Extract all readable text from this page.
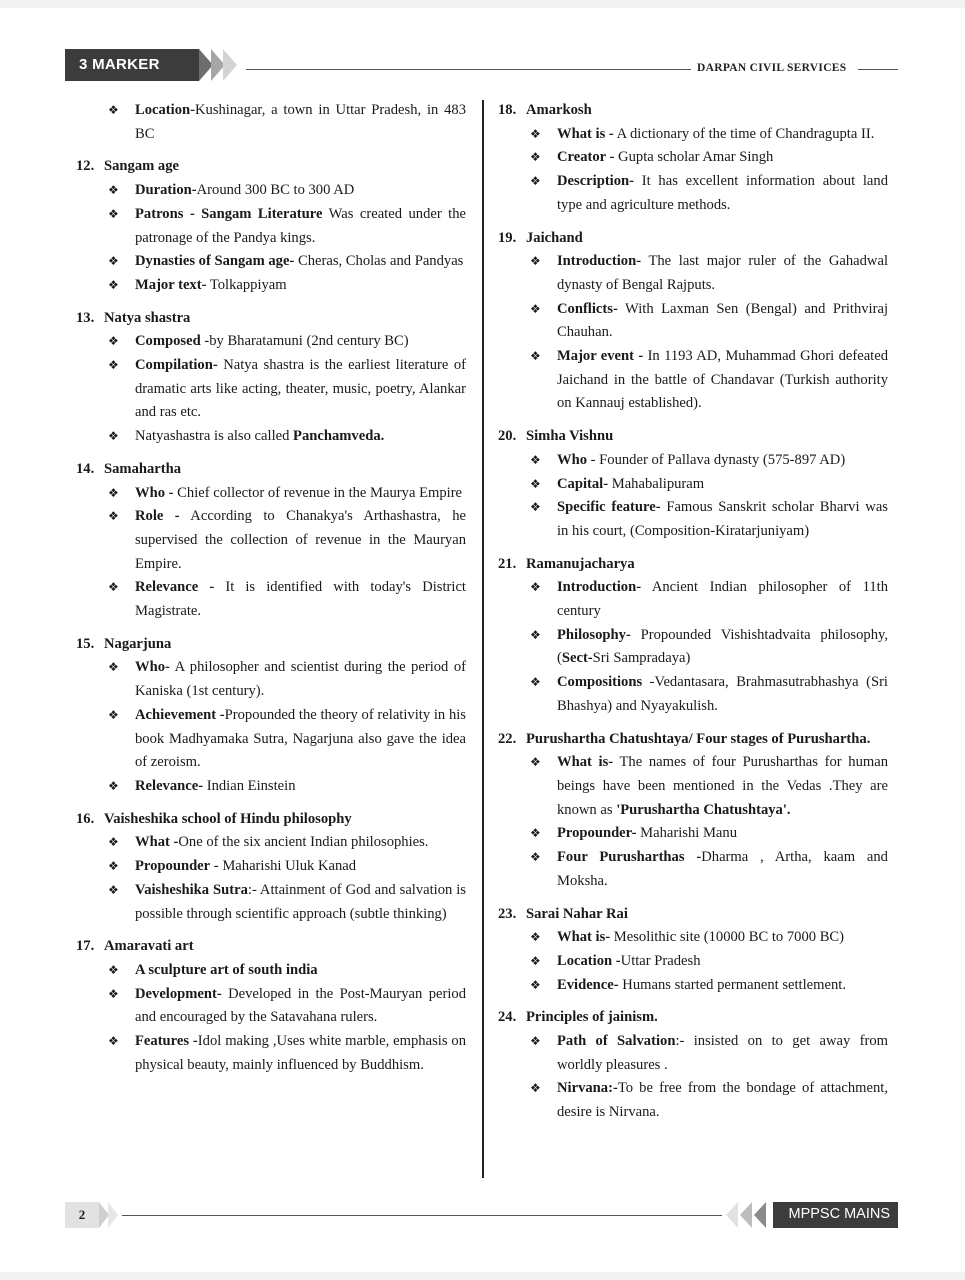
3 MARKER	DARPAN CIVIL SERVICES
❖ Location-Kushinagar, a town in Uttar Pradesh, in 483 BC
12. Sangam age
❖ Duration-Around 300 BC to 300 AD
❖ Patrons - Sangam Literature Was created under the patronage of the Pandya kings.
❖ Dynasties of Sangam age- Cheras, Cholas and Pandyas
❖ Major text- Tolkappiyam
13. Natya shastra
❖ Composed -by Bharatamuni (2nd century BC)
❖ Compilation- Natya shastra is the earliest literature of dramatic arts like acting, theater, music, poetry, Alankar and ras etc.
❖ Natyashastra is also called Panchamveda.
14. Samahartha
❖ Who - Chief collector of revenue in the Maurya Empire
❖ Role - According to Chanakya's Arthashastra, he supervised the collection of revenue in the Mauryan Empire.
❖ Relevance - It is identified with today's District Magistrate.
15. Nagarjuna
❖ Who- A philosopher and scientist during the period of Kaniska (1st century).
❖ Achievement -Propounded the theory of relativity in his book Madhyamaka Sutra, Nagarjuna also gave the idea of zeroism.
❖ Relevance- Indian Einstein
16. Vaisheshika school of Hindu philosophy
❖ What -One of the six ancient Indian philosophies.
❖ Propounder - Maharishi Uluk Kanad
❖ Vaisheshika Sutra:- Attainment of God and salvation is possible through scientific approach (subtle thinking)
17. Amaravati art
❖ A sculpture art of south india
❖ Development- Developed in the Post-Mauryan period and encouraged by the Satavahana rulers.
❖ Features -Idol making ,Uses white marble, emphasis on physical beauty, mainly influenced by Buddhism.
18. Amarkosh
❖ What is - A dictionary of the time of Chandragupta II.
❖ Creator - Gupta scholar Amar Singh
❖ Description- It has excellent information about land type and agriculture methods.
19. Jaichand
❖ Introduction- The last major ruler of the Gahadwal dynasty of Bengal Rajputs.
❖ Conflicts- With Laxman Sen (Bengal) and Prithviraj Chauhan.
❖ Major event - In 1193 AD, Muhammad Ghori defeated Jaichand in the battle of Chandavar (Turkish authority on Kannauj established).
20. Simha Vishnu
❖ Who - Founder of Pallava dynasty (575-897 AD)
❖ Capital- Mahabalipuram
❖ Specific feature- Famous Sanskrit scholar Bharvi was in his court, (Composition-Kiratarjuniyam)
21. Ramanujacharya
❖ Introduction- Ancient Indian philosopher of 11th century
❖ Philosophy- Propounded Vishishtadvaita philosophy, (Sect-Sri Sampradaya)
❖ Compositions -Vedantasara, Brahmasutrabhashya (Sri Bhashya) and Nyayakulish.
22. Purushartha Chatushtaya/ Four stages of Purushartha.
❖ What is- The names of four Purusharthas for human beings have been mentioned in the Vedas .They are known as 'Purushartha Chatushtaya'.
❖ Propounder- Maharishi Manu
❖ Four Purusharthas -Dharma , Artha, kaam and Moksha.
23. Sarai Nahar Rai
❖ What is- Mesolithic site (10000 BC to 7000 BC)
❖ Location -Uttar Pradesh
❖ Evidence- Humans started permanent settlement.
24. Principles of jainism.
❖ Path of Salvation:- insisted on to get away from worldly pleasures .
❖ Nirvana:-To be free from the bondage of attachment, desire is Nirvana.
2	MPPSC MAINS
